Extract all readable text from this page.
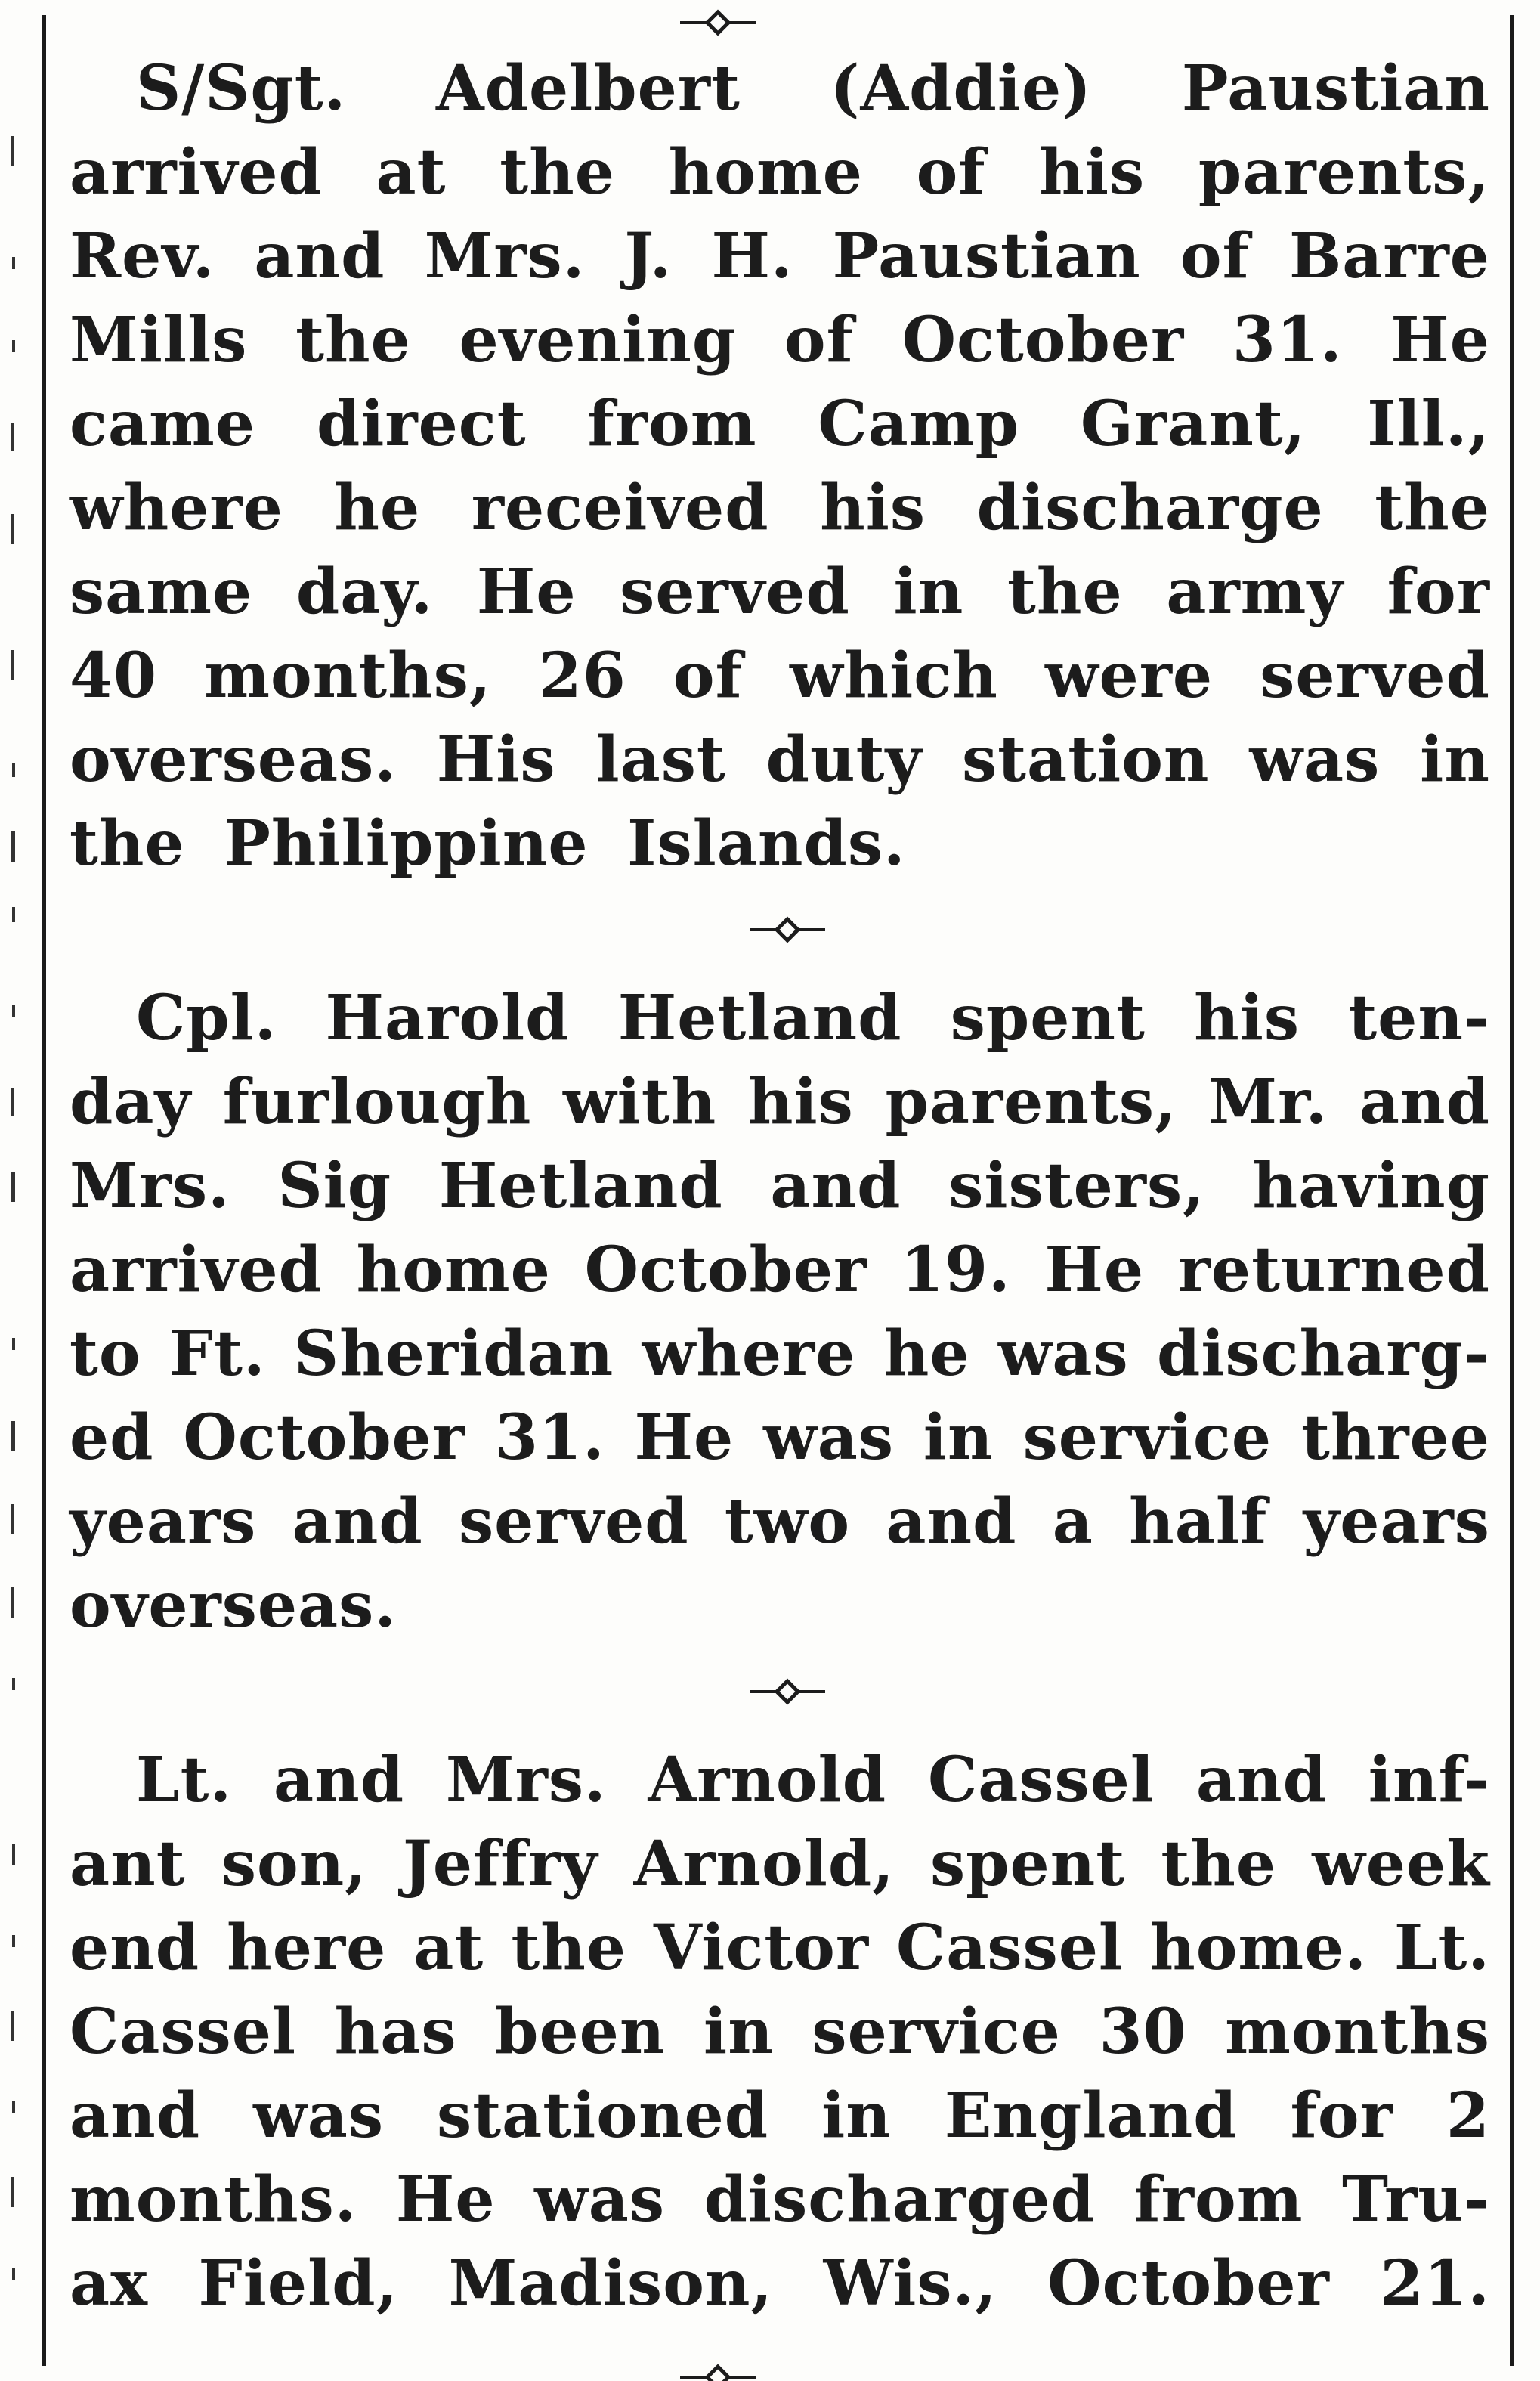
S/Sgt. Adelbert (Addie) Paustian
arrived at the home of his parents,
Rev. and Mrs. J. H. Paustian of Barre
Mills the evening of October 31. He
came direct from Camp Grant, Ill.,
where he received his discharge the
same day. He served in the army for
40 months, 26 of which were served
overseas. His last duty station was in
the Philippine Islands.
Cpl. Harold Hetland spent his ten-
day furlough with his parents, Mr. and
Mrs. Sig Hetland and sisters, having
arrived home October 19. He returned
to Ft. Sheridan where he was discharg-
ed October 31. He was in service three
years and served two and a half years
overseas.
Lt. and Mrs. Arnold Cassel and inf-
ant son, Jeffry Arnold, spent the week
end here at the Victor Cassel home. Lt.
Cassel has been in service 30 months
and was stationed in England for 2
months. He was discharged from Tru-
ax Field, Madison, Wis., October 21.
